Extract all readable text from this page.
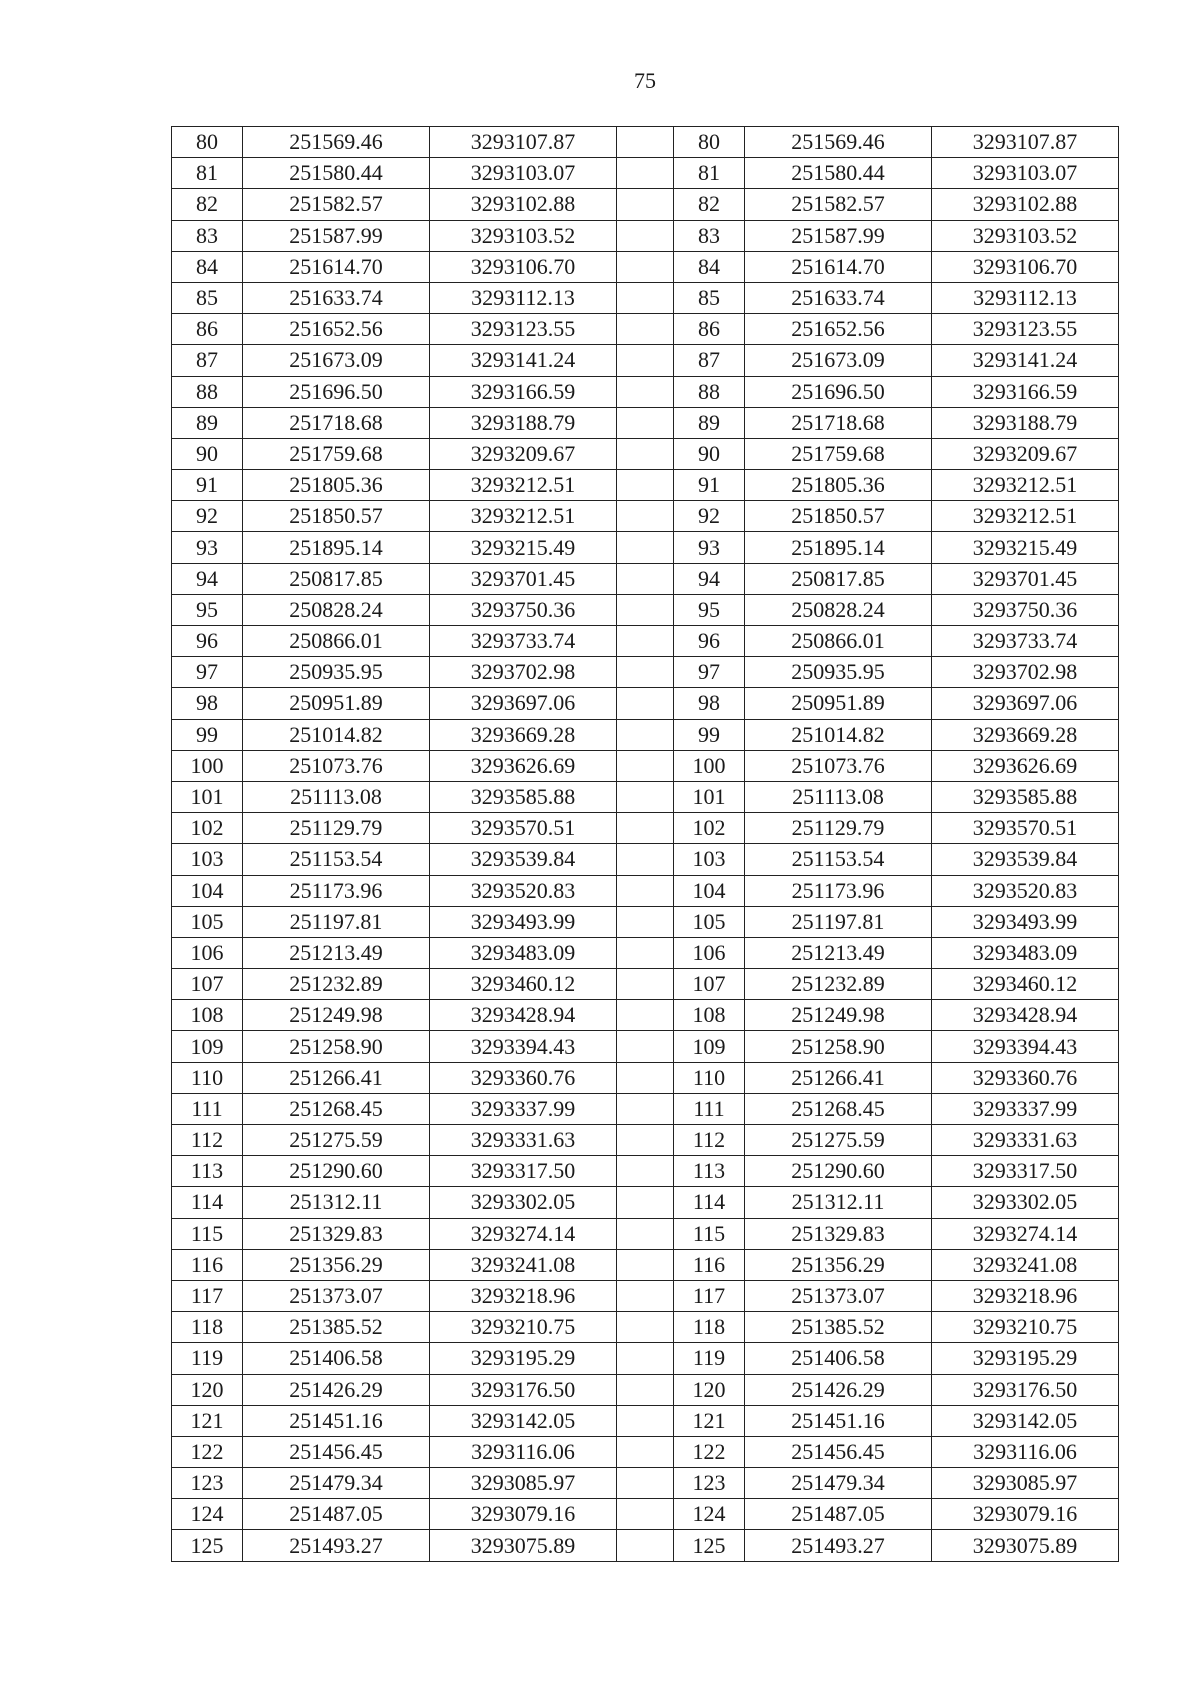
75
80	251569.46	3293107.87		80	251569.46	3293107.87
81	251580.44	3293103.07		81	251580.44	3293103.07
82	251582.57	3293102.88		82	251582.57	3293102.88
83	251587.99	3293103.52		83	251587.99	3293103.52
84	251614.70	3293106.70		84	251614.70	3293106.70
85	251633.74	3293112.13		85	251633.74	3293112.13
86	251652.56	3293123.55		86	251652.56	3293123.55
87	251673.09	3293141.24		87	251673.09	3293141.24
88	251696.50	3293166.59		88	251696.50	3293166.59
89	251718.68	3293188.79		89	251718.68	3293188.79
90	251759.68	3293209.67		90	251759.68	3293209.67
91	251805.36	3293212.51		91	251805.36	3293212.51
92	251850.57	3293212.51		92	251850.57	3293212.51
93	251895.14	3293215.49		93	251895.14	3293215.49
94	250817.85	3293701.45		94	250817.85	3293701.45
95	250828.24	3293750.36		95	250828.24	3293750.36
96	250866.01	3293733.74		96	250866.01	3293733.74
97	250935.95	3293702.98		97	250935.95	3293702.98
98	250951.89	3293697.06		98	250951.89	3293697.06
99	251014.82	3293669.28		99	251014.82	3293669.28
100	251073.76	3293626.69		100	251073.76	3293626.69
101	251113.08	3293585.88		101	251113.08	3293585.88
102	251129.79	3293570.51		102	251129.79	3293570.51
103	251153.54	3293539.84		103	251153.54	3293539.84
104	251173.96	3293520.83		104	251173.96	3293520.83
105	251197.81	3293493.99		105	251197.81	3293493.99
106	251213.49	3293483.09		106	251213.49	3293483.09
107	251232.89	3293460.12		107	251232.89	3293460.12
108	251249.98	3293428.94		108	251249.98	3293428.94
109	251258.90	3293394.43		109	251258.90	3293394.43
110	251266.41	3293360.76		110	251266.41	3293360.76
111	251268.45	3293337.99		111	251268.45	3293337.99
112	251275.59	3293331.63		112	251275.59	3293331.63
113	251290.60	3293317.50		113	251290.60	3293317.50
114	251312.11	3293302.05		114	251312.11	3293302.05
115	251329.83	3293274.14		115	251329.83	3293274.14
116	251356.29	3293241.08		116	251356.29	3293241.08
117	251373.07	3293218.96		117	251373.07	3293218.96
118	251385.52	3293210.75		118	251385.52	3293210.75
119	251406.58	3293195.29		119	251406.58	3293195.29
120	251426.29	3293176.50		120	251426.29	3293176.50
121	251451.16	3293142.05		121	251451.16	3293142.05
122	251456.45	3293116.06		122	251456.45	3293116.06
123	251479.34	3293085.97		123	251479.34	3293085.97
124	251487.05	3293079.16		124	251487.05	3293079.16
125	251493.27	3293075.89		125	251493.27	3293075.89
